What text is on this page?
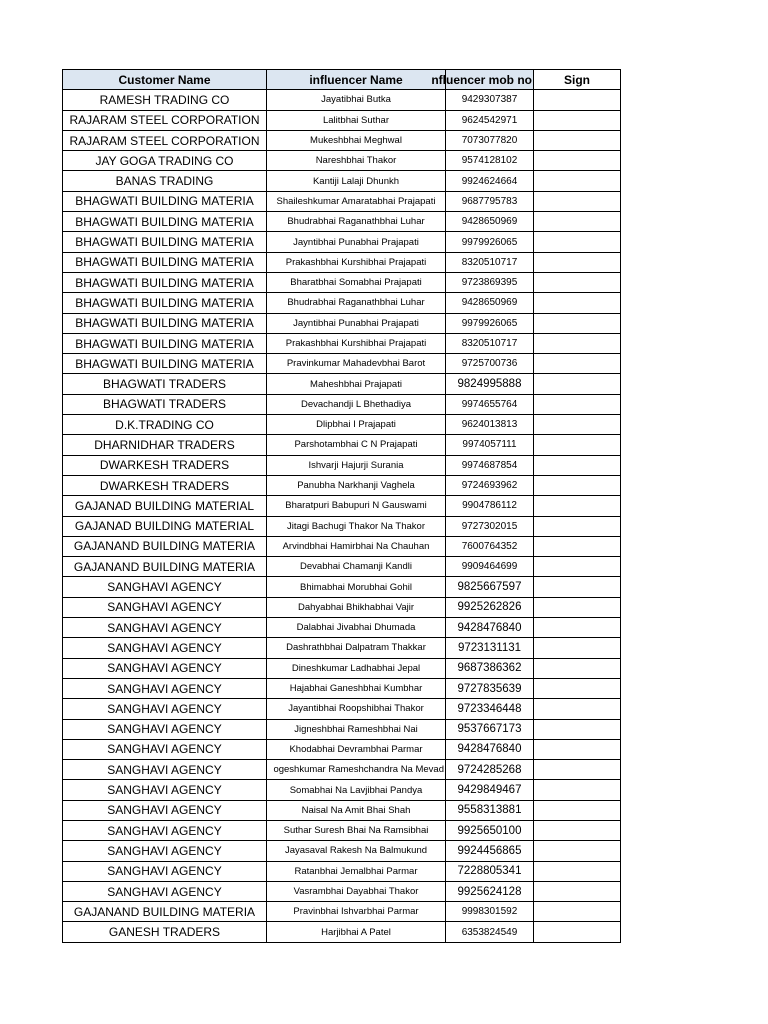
Customer Name	influencer Name	nfluencer mob no	Sign
RAMESH TRADING CO	Jayatibhai Butka	9429307387	
RAJARAM STEEL CORPORATION	Lalitbhai Suthar	9624542971	
RAJARAM STEEL CORPORATION	Mukeshbhai Meghwal	7073077820	
JAY GOGA TRADING CO	Nareshbhai Thakor	9574128102	
BANAS TRADING	Kantiji Lalaji Dhunkh	9924624664	
BHAGWATI BUILDING MATERIA	Shaileshkumar Amaratabhai Prajapati	9687795783	
BHAGWATI BUILDING MATERIA	Bhudrabhai Raganathbhai Luhar	9428650969	
BHAGWATI BUILDING MATERIA	Jayntibhai Punabhai Prajapati	9979926065	
BHAGWATI BUILDING MATERIA	Prakashbhai Kurshibhai Prajapati	8320510717	
BHAGWATI BUILDING MATERIA	Bharatbhai Somabhai Prajapati	9723869395	
BHAGWATI BUILDING MATERIA	Bhudrabhai Raganathbhai Luhar	9428650969	
BHAGWATI BUILDING MATERIA	Jayntibhai Punabhai Prajapati	9979926065	
BHAGWATI BUILDING MATERIA	Prakashbhai Kurshibhai Prajapati	8320510717	
BHAGWATI BUILDING MATERIA	Pravinkumar Mahadevbhai Barot	9725700736	
BHAGWATI TRADERS	Maheshbhai Prajapati	9824995888	
BHAGWATI TRADERS	Devachandji L Bhethadiya	9974655764	
D.K.TRADING CO	Dlipbhai I Prajapati	9624013813	
DHARNIDHAR TRADERS	Parshotambhai C N Prajapati	9974057111	
DWARKESH TRADERS	Ishvarji Hajurji Surania	9974687854	
DWARKESH TRADERS	Panubha Narkhanji Vaghela	9724693962	
GAJANAD BUILDING MATERIAL	Bharatpuri Babupuri N Gauswami	9904786112	
GAJANAD BUILDING MATERIAL	Jitagi Bachugi Thakor Na Thakor	9727302015	
GAJANAND BUILDING MATERIA	Arvindbhai Hamirbhai Na Chauhan	7600764352	
GAJANAND BUILDING MATERIA	Devabhai Chamanji Kandli	9909464699	
SANGHAVI AGENCY	Bhimabhai Morubhai Gohil	9825667597	
SANGHAVI AGENCY	Dahyabhai Bhikhabhai Vajir	9925262826	
SANGHAVI AGENCY	Dalabhai Jivabhai Dhumada	9428476840	
SANGHAVI AGENCY	Dashrathbhai Dalpatram Thakkar	9723131131	
SANGHAVI AGENCY	Dineshkumar Ladhabhai Jepal	9687386362	
SANGHAVI AGENCY	Hajabhai Ganeshbhai Kumbhar	9727835639	
SANGHAVI AGENCY	Jayantibhai Roopshibhai Thakor	9723346448	
SANGHAVI AGENCY	Jigneshbhai Rameshbhai Nai	9537667173	
SANGHAVI AGENCY	Khodabhai Devrambhai Parmar	9428476840	
SANGHAVI AGENCY	ogeshkumar Rameshchandra Na Mevad	9724285268	
SANGHAVI AGENCY	Somabhai Na Lavjibhai Pandya	9429849467	
SANGHAVI AGENCY	Naisal Na Amit Bhai Shah	9558313881	
SANGHAVI AGENCY	Suthar Suresh Bhai Na Ramsibhai	9925650100	
SANGHAVI AGENCY	Jayasaval Rakesh Na Balmukund	9924456865	
SANGHAVI AGENCY	Ratanbhai Jemalbhai Parmar	7228805341	
SANGHAVI AGENCY	Vasrambhai Dayabhai Thakor	9925624128	
GAJANAND BUILDING MATERIA	Pravinbhai Ishvarbhai Parmar	9998301592	
GANESH TRADERS	Harjibhai A Patel	6353824549	
